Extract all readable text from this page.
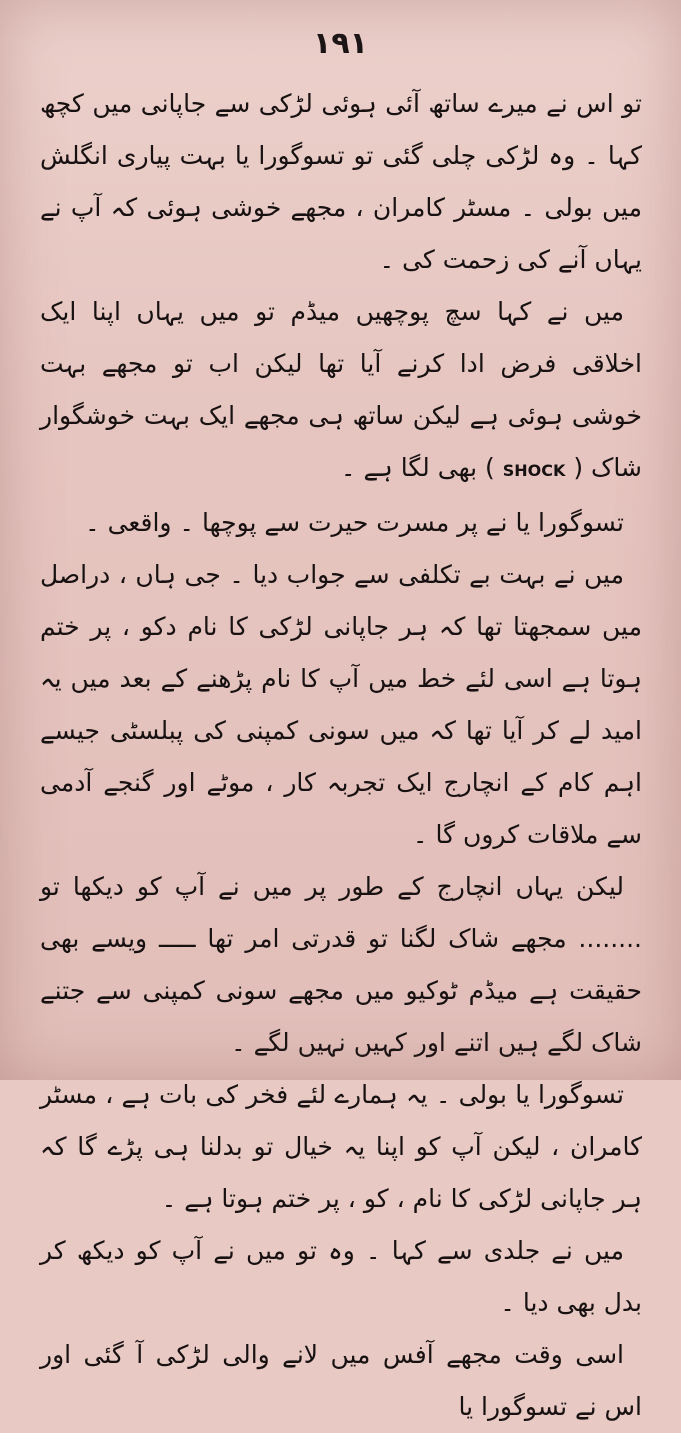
۱۹۱

تو اس نے میرے ساتھ آئی ہوئی لڑکی سے جاپانی میں کچھ کہا ۔ وہ لڑکی چلی گئی تو تسوگورا یا بہت پیاری انگلش میں بولی ۔ مسٹر کامران ، مجھے خوشی ہوئی کہ آپ نے یہاں آنے کی زحمت کی ۔

میں نے کہا سچ پوچھیں میڈم تو میں یہاں اپنا ایک اخلاقی فرض ادا کرنے آیا تھا لیکن اب تو مجھے بہت خوشی ہوئی ہے لیکن ساتھ ہی مجھے ایک بہت خوشگوار شاک ( SHOCK ) بھی لگا ہے ۔

تسوگورا یا نے پر مسرت حیرت سے پوچھا ۔ واقعی ۔

میں نے بہت بے تکلفی سے جواب دیا ۔ جی ہاں ، دراصل میں سمجھتا تھا کہ ہر جاپانی لڑکی کا نام دکو ، پر ختم ہوتا ہے اسی لئے خط میں آپ کا نام پڑھنے کے بعد میں یہ امید لے کر آیا تھا کہ میں سونی کمپنی کی پبلسٹی جیسے اہم کام کے انچارج ایک تجربہ کار ، موٹے اور گنجے آدمی سے ملاقات کروں گا ۔

لیکن یہاں انچارج کے طور پر میں نے آپ کو دیکھا تو ........ مجھے شاک لگنا تو قدرتی امر تھا ـــــ ویسے بھی حقیقت ہے میڈم ٹوکیو میں مجھے سونی کمپنی سے جتنے شاک لگے ہیں اتنے اور کہیں نہیں لگے ۔

تسوگورا یا بولی ۔ یہ ہمارے لئے فخر کی بات ہے ، مسٹر کامران ، لیکن آپ کو اپنا یہ خیال تو بدلنا ہی پڑے گا کہ ہر جاپانی لڑکی کا نام ، کو ، پر ختم ہوتا ہے ۔

میں نے جلدی سے کہا ۔ وہ تو میں نے آپ کو دیکھ کر بدل بھی دیا ۔

اسی وقت مجھے آفس میں لانے والی لڑکی آ گئی اور اس نے تسوگورا یا
